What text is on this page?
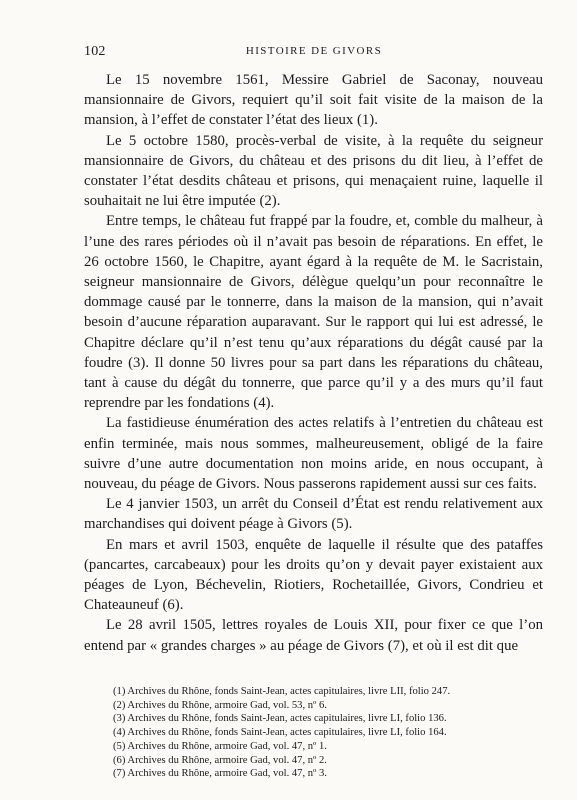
102	HISTOIRE DE GIVORS

Le 15 novembre 1561, Messire Gabriel de Saconay, nouveau mansionnaire de Givors, requiert qu’il soit fait visite de la maison de la mansion, à l’effet de constater l’état des lieux (1).

Le 5 octobre 1580, procès-verbal de visite, à la requête du seigneur mansionnaire de Givors, du château et des prisons du dit lieu, à l’effet de constater l’état desdits château et prisons, qui menaçaient ruine, laquelle il souhaitait ne lui être imputée (2).

Entre temps, le château fut frappé par la foudre, et, comble du malheur, à l’une des rares périodes où il n’avait pas besoin de réparations. En effet, le 26 octobre 1560, le Chapitre, ayant égard à la requête de M. le Sacristain, seigneur mansionnaire de Givors, délègue quelqu’un pour reconnaître le dommage causé par le tonnerre, dans la maison de la mansion, qui n’avait besoin d’aucune réparation auparavant. Sur le rapport qui lui est adressé, le Chapitre déclare qu’il n’est tenu qu’aux réparations du dégât causé par la foudre (3). Il donne 50 livres pour sa part dans les réparations du château, tant à cause du dégât du tonnerre, que parce qu’il y a des murs qu’il faut reprendre par les fondations (4).

La fastidieuse énumération des actes relatifs à l’entretien du château est enfin terminée, mais nous sommes, malheureusement, obligé de la faire suivre d’une autre documentation non moins aride, en nous occupant, à nouveau, du péage de Givors. Nous passerons rapidement aussi sur ces faits.

Le 4 janvier 1503, un arrêt du Conseil d’État est rendu relativement aux marchandises qui doivent péage à Givors (5).

En mars et avril 1503, enquête de laquelle il résulte que des pataffes (pancartes, carcabeaux) pour les droits qu’on y devait payer existaient aux péages de Lyon, Béchevelin, Riotiers, Rochetaillée, Givors, Condrieu et Chateauneuf (6).

Le 28 avril 1505, lettres royales de Louis XII, pour fixer ce que l’on entend par « grandes charges » au péage de Givors (7), et où il est dit que

(1) Archives du Rhône, fonds Saint-Jean, actes capitulaires, livre LII, folio 247.
(2) Archives du Rhône, armoire Gad, vol. 53, nº 6.
(3) Archives du Rhône, fonds Saint-Jean, actes capitulaires, livre LI, folio 136.
(4) Archives du Rhône, fonds Saint-Jean, actes capitulaires, livre LI, folio 164.
(5) Archives du Rhône, armoire Gad, vol. 47, nº 1.
(6) Archives du Rhône, armoire Gad, vol. 47, nº 2.
(7) Archives du Rhône, armoire Gad, vol. 47, nº 3.
